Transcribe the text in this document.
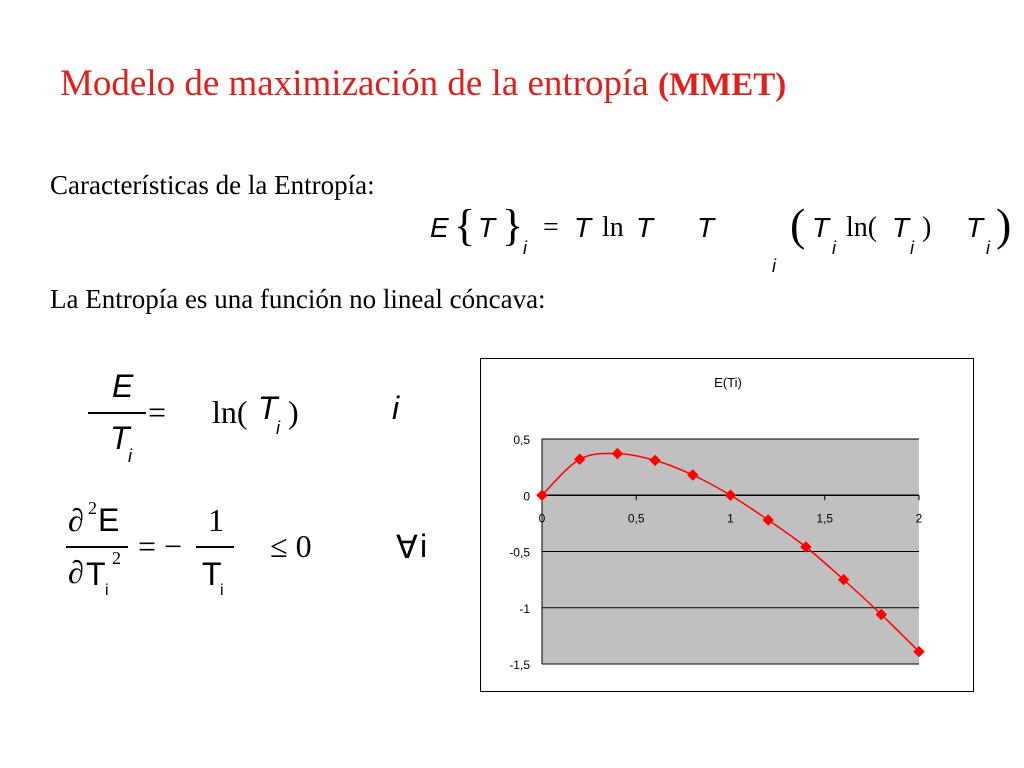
Modelo de maximización de la entropía (MMET)
Características de la Entropía:
La Entropía es una función no lineal cóncava:
E { T } i
= T ln T T
i
( T
i
ln( T
i
) T
i )
E
T
i
= ln( T
i )	i
∂ 2 E
∂ T i
2 = −
1
T
i
≤ 0	∀ i
0,5
0
-0,5
-1
-1,5
0	0,5	1	1,5	2
E(Ti)
